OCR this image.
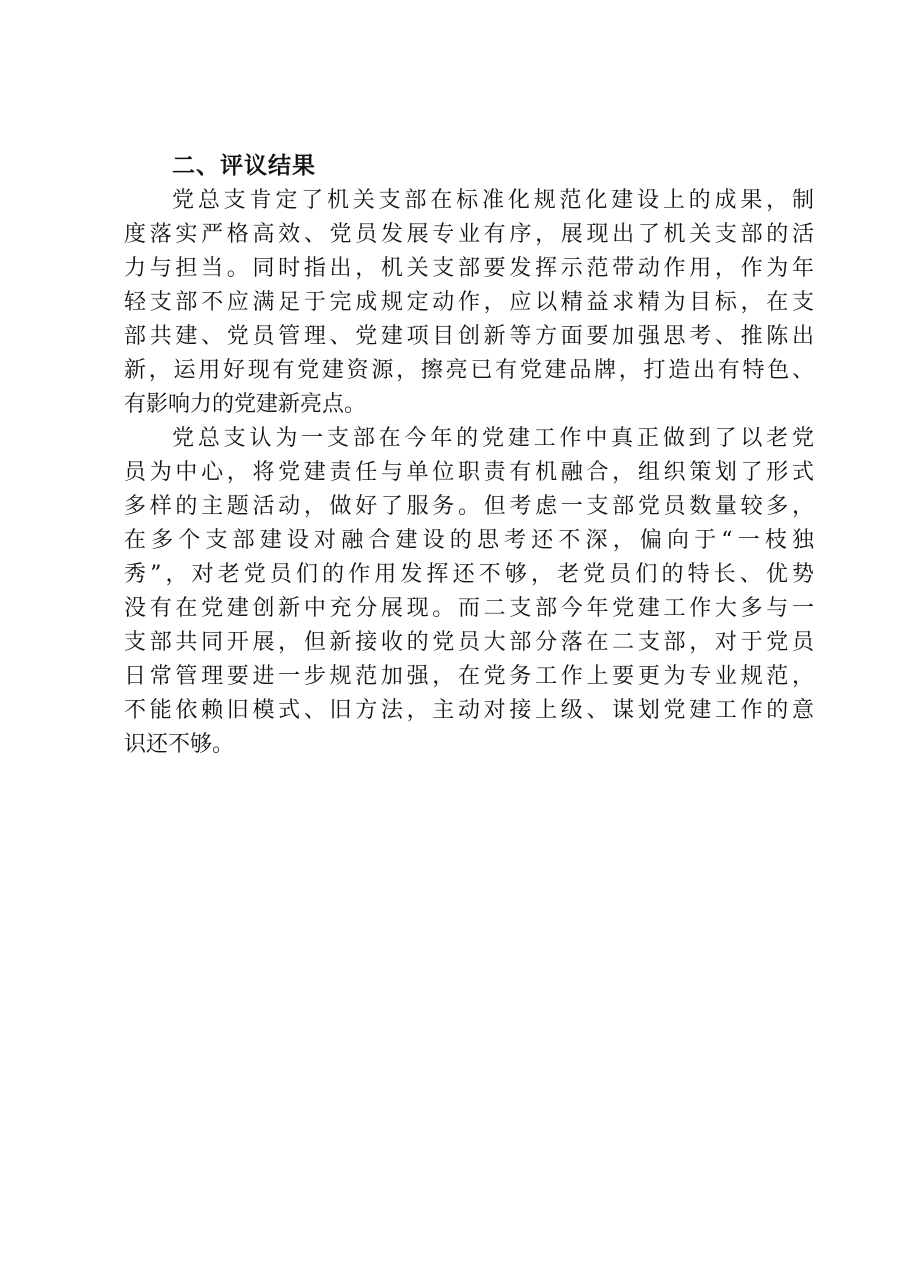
二、评议结果
党总支肯定了机关支部在标准化规范化建设上的成果，制
度落实严格高效、党员发展专业有序，展现出了机关支部的活
力与担当。同时指出，机关支部要发挥示范带动作用，作为年
轻支部不应满足于完成规定动作，应以精益求精为目标，在支
部共建、党员管理、党建项目创新等方面要加强思考、推陈出
新，运用好现有党建资源，擦亮已有党建品牌，打造出有特色、
有影响力的党建新亮点。
党总支认为一支部在今年的党建工作中真正做到了以老党
员为中心，将党建责任与单位职责有机融合，组织策划了形式
多样的主题活动，做好了服务。但考虑一支部党员数量较多，
在多个支部建设对融合建设的思考还不深，偏向于“一枝独
秀”，对老党员们的作用发挥还不够，老党员们的特长、优势
没有在党建创新中充分展现。而二支部今年党建工作大多与一
支部共同开展，但新接收的党员大部分落在二支部，对于党员
日常管理要进一步规范加强，在党务工作上要更为专业规范，
不能依赖旧模式、旧方法，主动对接上级、谋划党建工作的意
识还不够。
